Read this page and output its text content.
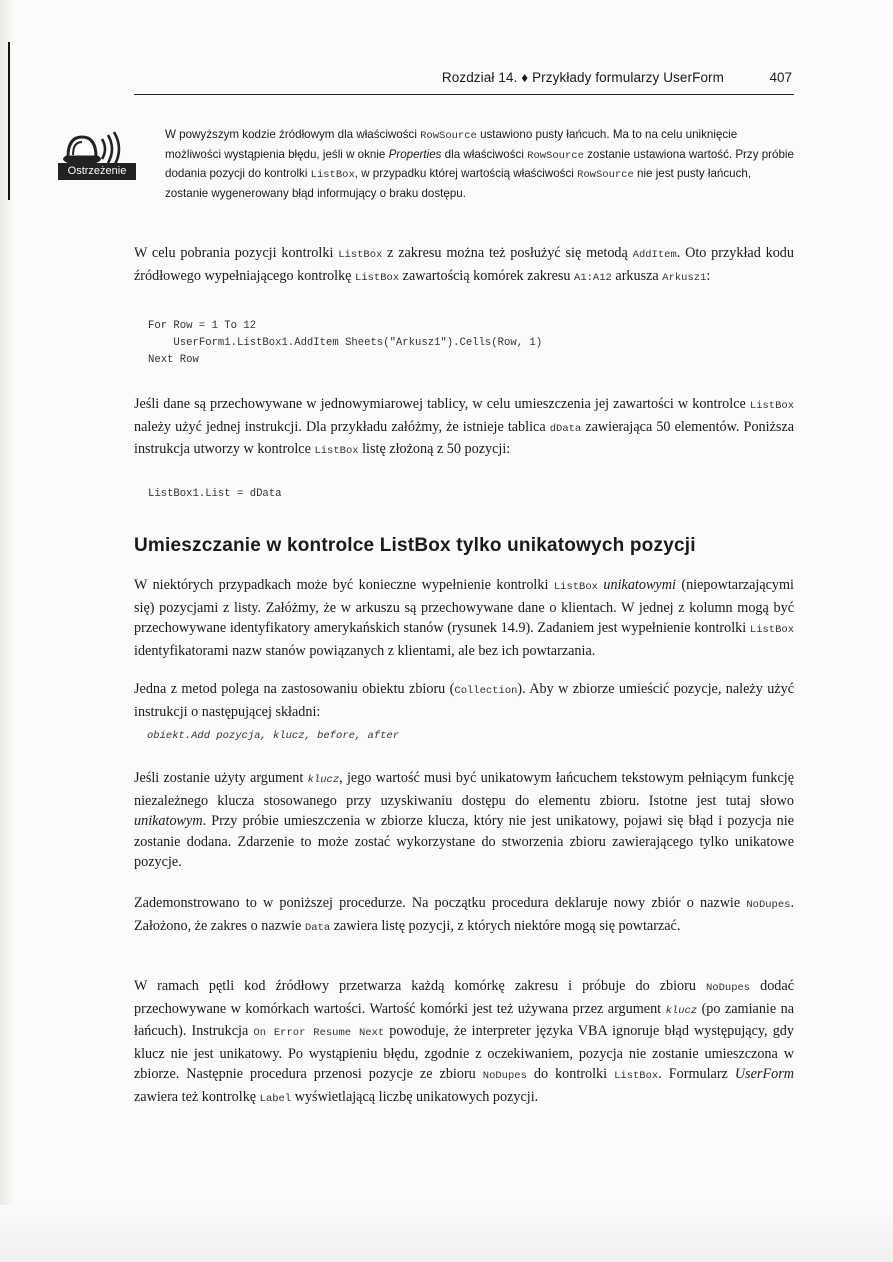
Rozdział 14. ♦ Przykłady formularzy UserForm	407
Ostrzeżenie

W powyższym kodzie źródłowym dla właściwości RowSource ustawiono pusty łańcuch. Ma to na celu uniknięcie możliwości wystąpienia błędu, jeśli w oknie Properties dla właściwości RowSource zostanie ustawiona wartość. Przy próbie dodania pozycji do kontrolki ListBox, w przypadku której wartością właściwości RowSource nie jest pusty łańcuch, zostanie wygenerowany błąd informujący o braku dostępu.

W celu pobrania pozycji kontrolki ListBox z zakresu można też posłużyć się metodą AddItem. Oto przykład kodu źródłowego wypełniającego kontrolkę ListBox zawartością komórek zakresu A1:A12 arkusza Arkusz1:

For Row = 1 To 12
UserForm1.ListBox1.AddItem Sheets("Arkusz1").Cells(Row, 1)
Next Row

Jeśli dane są przechowywane w jednowymiarowej tablicy, w celu umieszczenia jej zawartości w kontrolce ListBox należy użyć jednej instrukcji. Dla przykładu załóżmy, że istnieje tablica dData zawierająca 50 elementów. Poniższa instrukcja utworzy w kontrolce ListBox listę złożoną z 50 pozycji:

ListBox1.List = dData
Umieszczanie w kontrolce ListBox tylko unikatowych pozycji

W niektórych przypadkach może być konieczne wypełnienie kontrolki ListBox unikatowymi (niepowtarzającymi się) pozycjami z listy. Załóżmy, że w arkuszu są przechowywane dane o klientach. W jednej z kolumn mogą być przechowywane identyfikatory amerykańskich stanów (rysunek 14.9). Zadaniem jest wypełnienie kontrolki ListBox identyfikatorami nazw stanów powiązanych z klientami, ale bez ich powtarzania.

Jedna z metod polega na zastosowaniu obiektu zbioru (Collection). Aby w zbiorze umieścić pozycje, należy użyć instrukcji o następującej składni:

obiekt.Add pozycja, klucz, before, after

Jeśli zostanie użyty argument klucz, jego wartość musi być unikatowym łańcuchem tekstowym pełniącym funkcję niezależnego klucza stosowanego przy uzyskiwaniu dostępu do elementu zbioru. Istotne jest tutaj słowo unikatowym. Przy próbie umieszczenia w zbiorze klucza, który nie jest unikatowy, pojawi się błąd i pozycja nie zostanie dodana. Zdarzenie to może zostać wykorzystane do stworzenia zbioru zawierającego tylko unikatowe pozycje.

Zademonstrowano to w poniższej procedurze. Na początku procedura deklaruje nowy zbiór o nazwie NoDupes. Założono, że zakres o nazwie Data zawiera listę pozycji, z których niektóre mogą się powtarzać.

W ramach pętli kod źródłowy przetwarza każdą komórkę zakresu i próbuje do zbioru NoDupes dodać przechowywane w komórkach wartości. Wartość komórki jest też używana przez argument klucz (po zamianie na łańcuch). Instrukcja On Error Resume Next powoduje, że interpreter języka VBA ignoruje błąd występujący, gdy klucz nie jest unikatowy. Po wystąpieniu błędu, zgodnie z oczekiwaniem, pozycja nie zostanie umieszczona w zbiorze. Następnie procedura przenosi pozycje ze zbioru NoDupes do kontrolki ListBox. Formularz UserForm zawiera też kontrolkę Label wyświetlającą liczbę unikatowych pozycji.
